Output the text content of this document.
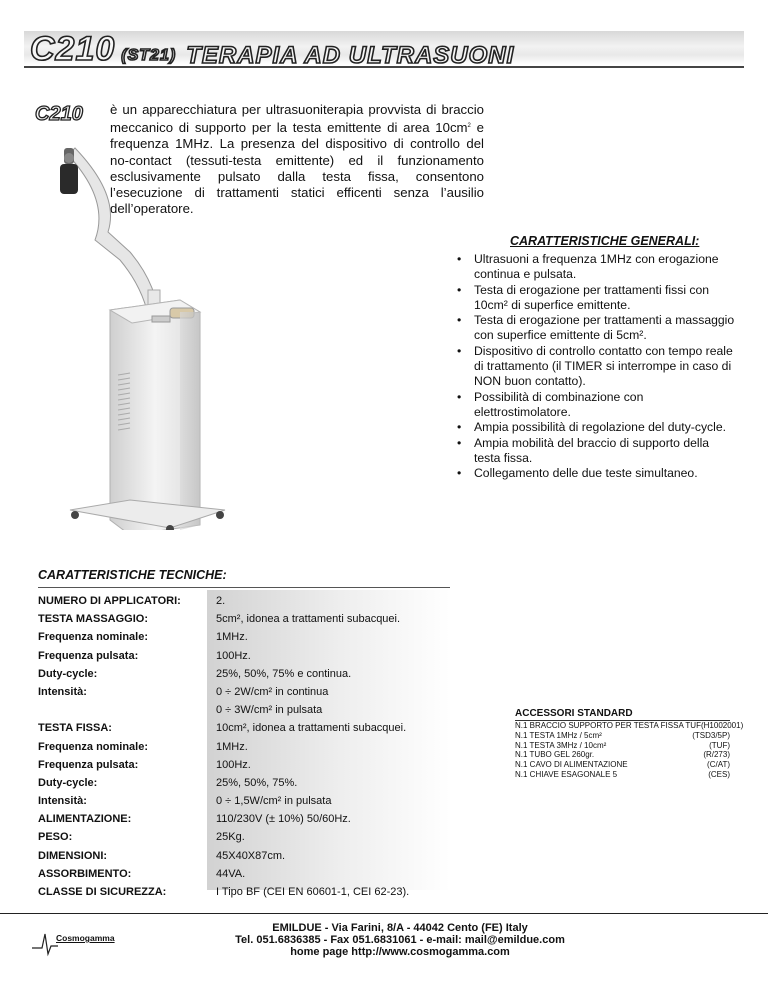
C210 (ST21) TERAPIA AD ULTRASUONI
C210 è un apparecchiatura per ultrasuoniterapia provvista di braccio meccanico di supporto per la testa emittente di area $10cm^2$ e frequenza 1MHz. La presenza del dispositivo di controllo del no-contact (tessuti-testa emittente) ed il funzionamento esclusivamente pulsato dalla testa fissa, consentono l’esecuzione di trattamenti statici efficenti senza l’ausilio dell’operatore.
CARATTERISTICHE GENERALI:
• Ultrasuoni a frequenza 1MHz con erogazione continua e pulsata.
• Testa di erogazione per trattamenti fissi con 10cm² di superfice emittente.
• Testa di erogazione per trattamenti a massaggio con superfice emittente di 5cm².
• Dispositivo di controllo contatto con tempo reale di trattamento (il TIMER si interrompe in caso di NON buon contatto).
• Possibilità di combinazione con elettrostimolatore.
• Ampia possibilità di regolazione del duty-cycle.
• Ampia mobilità del braccio di supporto della testa fissa.
• Collegamento delle due teste simultaneo.
CARATTERISTICHE TECNICHE:
NUMERO DI APPLICATORI:	2.
TESTA MASSAGGIO:	5cm², idonea a trattamenti subacquei.
Frequenza nominale:	1MHz.
Frequenza pulsata:	100Hz.
Duty-cycle:	25%, 50%, 75% e continua.
Intensità:	0 ÷ 2W/cm² in continua
0 ÷ 3W/cm² in pulsata
TESTA FISSA:	10cm², idonea a trattamenti subacquei.
Frequenza nominale:	1MHz.
Frequenza pulsata:	100Hz.
Duty-cycle:	25%, 50%, 75%.
Intensità:	0 ÷ 1,5W/cm² in pulsata
ALIMENTAZIONE:	110/230V (± 10%) 50/60Hz.
PESO:	25Kg.
DIMENSIONI:	45X40X87cm.
ASSORBIMENTO:	44VA.
CLASSE DI SICUREZZA:	I Tipo BF (CEI EN 60601-1, CEI 62-23).
ACCESSORI STANDARD
N.1 BRACCIO SUPPORTO PER TESTA FISSA TUF (H1002001)
N.1 TESTA 1MHz / 5cm²	(TSD3/5P)
N.1 TESTA 3MHz / 10cm²	(TUF)
N.1 TUBO GEL 260gr.	(R/273)
N.1 CAVO DI ALIMENTAZIONE	(C/AT)
N.1 CHIAVE ESAGONALE 5	(CES)
Cosmogamma
EMILDUE - Via Farini, 8/A - 44042 Cento (FE) Italy
Tel. 051.6836385 - Fax 051.6831061 - e-mail: mail@emildue.com
home page http://www.cosmogamma.com
